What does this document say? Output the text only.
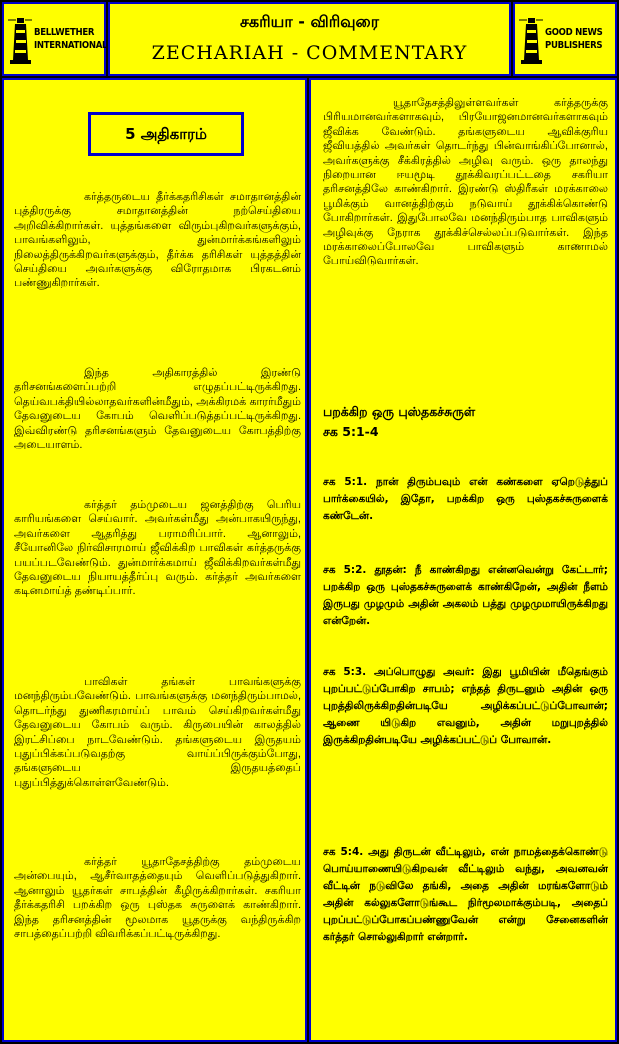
BELLWETHER
INTERNATIONAL
சகரியா - விரிவுரை
ZECHARIAH - COMMENTARY
GOOD NEWS
PUBLISHERS
5 அதிகாரம்
கர்த்தருடைய தீர்க்கதரிசிகள் சமாதானத்தின் புத்திரருக்கு சமாதானத்தின் நற்செய்தியை அறிவிக்கிறார்கள். யுத்தங்களை விரும்புகிறவர்களுக்கும், பாவங்களிலும், துன்மார்க்கங்களிலும் நிலைத்திருக்கிறவர்களுக்கும், தீர்க்க தரிசிகள் யுத்தத்தின் செய்தியை அவர்களுக்கு விரோதமாக பிரகடனம் பண்ணுகிறார்கள்.
இந்த அதிகாரத்தில் இரண்டு தரிசனங்களைப்பற்றி எழுதப்பட்டிருக்கிறது. தெய்வபக்தியில்லாதவர்களின்மீதும், அக்கிரமக் காரர்மீதும் தேவனுடைய கோபம் வெளிப்படுத்தப்பட்டிருக்கிறது. இவ்விரண்டு தரிசனங்களும் தேவனுடைய கோபத்திற்கு அடையாளம்.
கர்த்தர் தம்முடைய ஜனத்திற்கு பெரிய காரியங்களை செய்வார். அவர்கள்மீது அன்பாகயிருந்து, அவர்களை ஆதரித்து பராமரிப்பார். ஆனாலும், சீயோனிலே நிர்விசாரமாய் ஜீவிக்கிற பாவிகள் கர்த்தருக்கு பயப்படவேண்டும். துன்மார்க்கமாய் ஜீவிக்கிறவர்கள்மீது தேவனுடைய நியாயத்தீர்ப்பு வரும். கர்த்தர் அவர்களை கடினமாய்த் தண்டிப்பார்.
பாவிகள் தங்கள் பாவங்களுக்கு மனந்திரும்பவேண்டும். பாவங்களுக்கு மனந்திரும்பாமல், தொடர்ந்து துணிகரமாய்ப் பாவம் செய்கிறவர்கள்மீது தேவனுடைய கோபம் வரும். கிருபையின் காலத்தில் இரட்சிப்பை நாடவேண்டும். தங்களுடைய இருதயம் புதுப்பிக்கப்படுவதற்கு வாய்ப்பிருக்கும்போது, தங்களுடைய இருதயத்தைப் புதுப்பித்துக்கொள்ளவேண்டும்.
கர்த்தர் யூதாதேசத்திற்கு தம்முடைய அன்பையும், ஆசீர்வாதத்தையும் வெளிப்படுத்துகிறார். ஆனாலும் யூதர்கள் சாபத்தின் கீழிருக்கிறார்கள். சகரியா தீர்க்கதரிசி பறக்கிற ஒரு புஸ்தக சுருளைக் காண்கிறார். இந்த தரிசனத்தின் மூலமாக யூதருக்கு வந்திருக்கிற சாபத்தைப்பற்றி விவரிக்கப்பட்டிருக்கிறது.
யூதாதேசத்திலுள்ளவர்கள் கர்த்தருக்கு பிரியமானவர்களாகவும், பிரயோஜனமானவர்களாகவும் ஜீவிக்க வேண்டும். தங்களுடைய ஆவிக்குரிய ஜீவியத்தில் அவர்கள் தொடர்ந்து பின்வாங்கிப்போனால், அவர்களுக்கு சீக்கிரத்தில் அழிவு வரும். ஒரு தாலந்து நிறையான ஈயமூடி தூக்கிவரப்பட்டதை சகரியா தரிசனத்திலே காண்கிறார். இரண்டு ஸ்திரீகள் மரக்காலை பூமிக்கும் வானத்திற்கும் நடுவாய் தூக்கிக்கொண்டு போகிறார்கள். இதுபோலவே மனந்திரும்பாத பாவிகளும் அழிவுக்கு நேராக தூக்கிச்செல்லப்படுவார்கள். இந்த மரக்காலைப்போலவே பாவிகளும் காணாமல் போய்விடுவார்கள்.
பறக்கிற ஒரு புஸ்தகச்சுருள்
சக 5:1-4
சக 5:1. நான் திரும்பவும் என் கண்களை ஏறெடுத்துப் பார்க்கையில், இதோ, பறக்கிற ஒரு புஸ்தகச்சுருளைக் கண்டேன்.
சக 5:2. தூதன்: நீ காண்கிறது என்னவென்று கேட்டார்; பறக்கிற ஒரு புஸ்தகச்சுருளைக் காண்கிறேன், அதின் நீளம் இருபது முழமும் அதின் அகலம் பத்து முழமுமாயிருக்கிறது என்றேன்.
சக 5:3. அப்பொழுது அவர்: இது பூமியின் மீதெங்கும் புறப்பட்டுப்போகிற சாபம்; எந்தத் திருடனும் அதின் ஒரு புறத்திலிருக்கிறதின்படியே அழிக்கப்பட்டுப்போவான்; ஆணை யிடுகிற எவனும், அதின் மறுபுறத்தில் இருக்கிறதின்படியே அழிக்கப்பட்டுப் போவான்.
சக 5:4. அது திருடன் வீட்டிலும், என் நாமத்தைக்கொண்டு பொய்யாணையிடுகிறவன் வீட்டிலும் வந்து, அவனவன் வீட்டின் நடுவிலே தங்கி, அதை அதின் மரங்களோடும் அதின் கல்லுகளோடுங்கூட நிர்மூலமாக்கும்படி, அதைப் புறப்பட்டுப்போகப்பண்ணுவேன் என்று சேனைகளின் கர்த்தர் சொல்லுகிறார் என்றார்.
